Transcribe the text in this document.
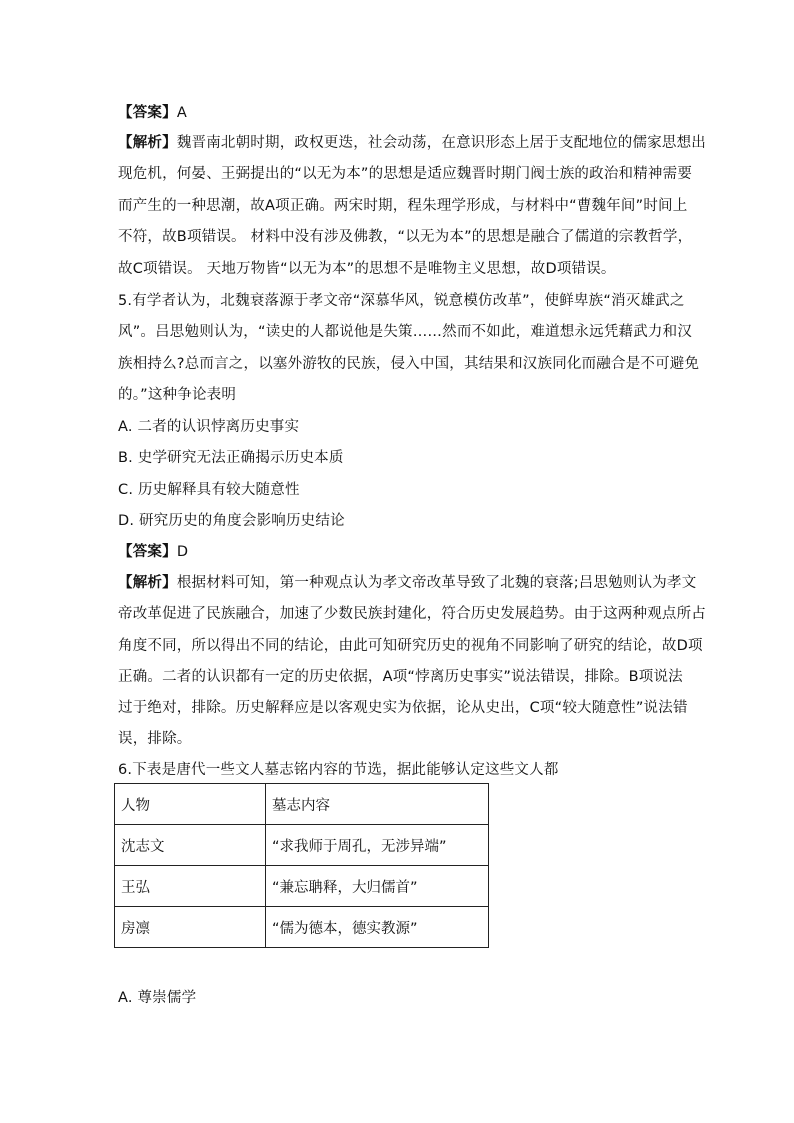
【答案】A
【解析】魏晋南北朝时期，政权更迭，社会动荡，在意识形态上居于支配地位的儒家思想出
现危机，何晏、王弼提出的“以无为本”的思想是适应魏晋时期门阀士族的政治和精神需要
而产生的一种思潮，故A项正确。两宋时期，程朱理学形成，与材料中“曹魏年间”时间上
不符，故B项错误。 材料中没有涉及佛教，“以无为本”的思想是融合了儒道的宗教哲学，
故C项错误。 天地万物皆“以无为本”的思想不是唯物主义思想，故D项错误。
5.有学者认为，北魏衰落源于孝文帝“深慕华风，锐意模仿改革”，使鲜卑族“消灭雄武之
风”。吕思勉则认为，“读史的人都说他是失策……然而不如此，难道想永远凭藉武力和汉
族相持么?总而言之，以塞外游牧的民族，侵入中国，其结果和汉族同化而融合是不可避免
的。”这种争论表明
A. 二者的认识悖离历史事实
B. 史学研究无法正确揭示历史本质
C. 历史解释具有较大随意性
D. 研究历史的角度会影响历史结论
【答案】D
【解析】根据材料可知，第一种观点认为孝文帝改革导致了北魏的衰落;吕思勉则认为孝文
帝改革促进了民族融合，加速了少数民族封建化，符合历史发展趋势。由于这两种观点所占
角度不同，所以得出不同的结论，由此可知研究历史的视角不同影响了研究的结论，故D项
正确。二者的认识都有一定的历史依据，A项“悖离历史事实”说法错误，排除。B项说法
过于绝对，排除。历史解释应是以客观史实为依据，论从史出，C项“较大随意性”说法错
误，排除。
6.下表是唐代一些文人墓志铭内容的节选，据此能够认定这些文人都
人物	墓志内容
沈志文	“求我师于周孔，无涉异端”
王弘	“兼忘聃释，大归儒首”
房凛	“儒为德本，德实教源”
A. 尊崇儒学
